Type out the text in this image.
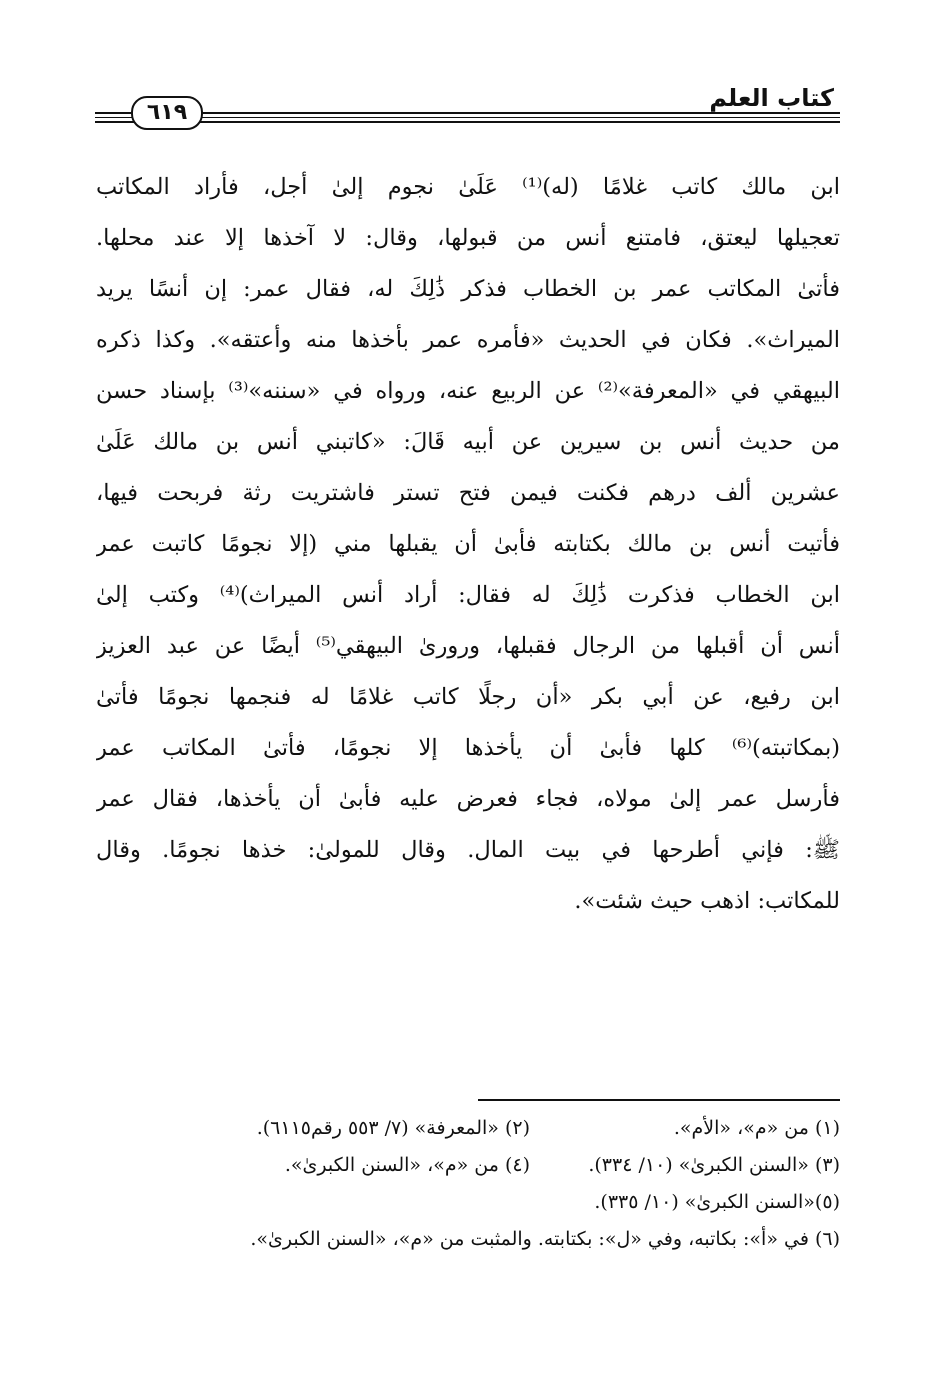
كتاب العلم
٦١٩
ابن مالك كاتب غلامًا (له)⁽¹⁾ عَلَىٰ نجوم إلىٰ أجل، فأراد المكاتب
تعجيلها ليعتق، فامتنع أنس من قبولها، وقال: لا آخذها إلا عند محلها.
فأتىٰ المكاتب عمر بن الخطاب فذكر ذَٰلِكَ له، فقال عمر: إن أنسًا يريد
الميراث». فكان في الحديث «فأمره عمر بأخذها منه وأعتقه». وكذا ذكره
البيهقي في «المعرفة»⁽²⁾ عن الربيع عنه، ورواه في «سننه»⁽³⁾ بإسناد حسن
من حديث أنس بن سيرين عن أبيه قَالَ: «كاتبني أنس بن مالك عَلَىٰ
عشرين ألف درهم فكنت فيمن فتح تستر فاشتريت رثة فربحت فيها،
فأتيت أنس بن مالك بكتابته فأبىٰ أن يقبلها مني (إلا نجومًا كاتبت عمر
ابن الخطاب فذكرت ذَٰلِكَ له فقال: أراد أنس الميراث)⁽⁴⁾ وكتب إلىٰ
أنس أن أقبلها من الرجال فقبلها، ورورىٰ البيهقي⁽⁵⁾ أيضًا عن عبد العزيز
ابن رفيع، عن أبي بكر «أن رجلًا كاتب غلامًا له فنجمها نجومًا فأتىٰ
(بمكاتبته)⁽⁶⁾ كلها فأبىٰ أن يأخذها إلا نجومًا، فأتىٰ المكاتب عمر
فأرسل عمر إلىٰ مولاه، فجاء فعرض عليه فأبىٰ أن يأخذها، فقال عمر
ﷺ: فإني أطرحها في بيت المال. وقال للمولىٰ: خذها نجومًا. وقال
للمكاتب: اذهب حيث شئت».
(١) من «م»، «الأم».
(٢) «المعرفة» (٧/ ٥٥٣ رقم٦١١٥).
(٣) «السنن الكبرىٰ» (١٠/ ٣٣٤).
(٤) من «م»، «السنن الكبرىٰ».
(٥)«السنن الكبرىٰ» (١٠/ ٣٣٥).
(٦) في «أ»: بكاتبه، وفي «ل»: بكتابته. والمثبت من «م»، «السنن الكبرىٰ».
